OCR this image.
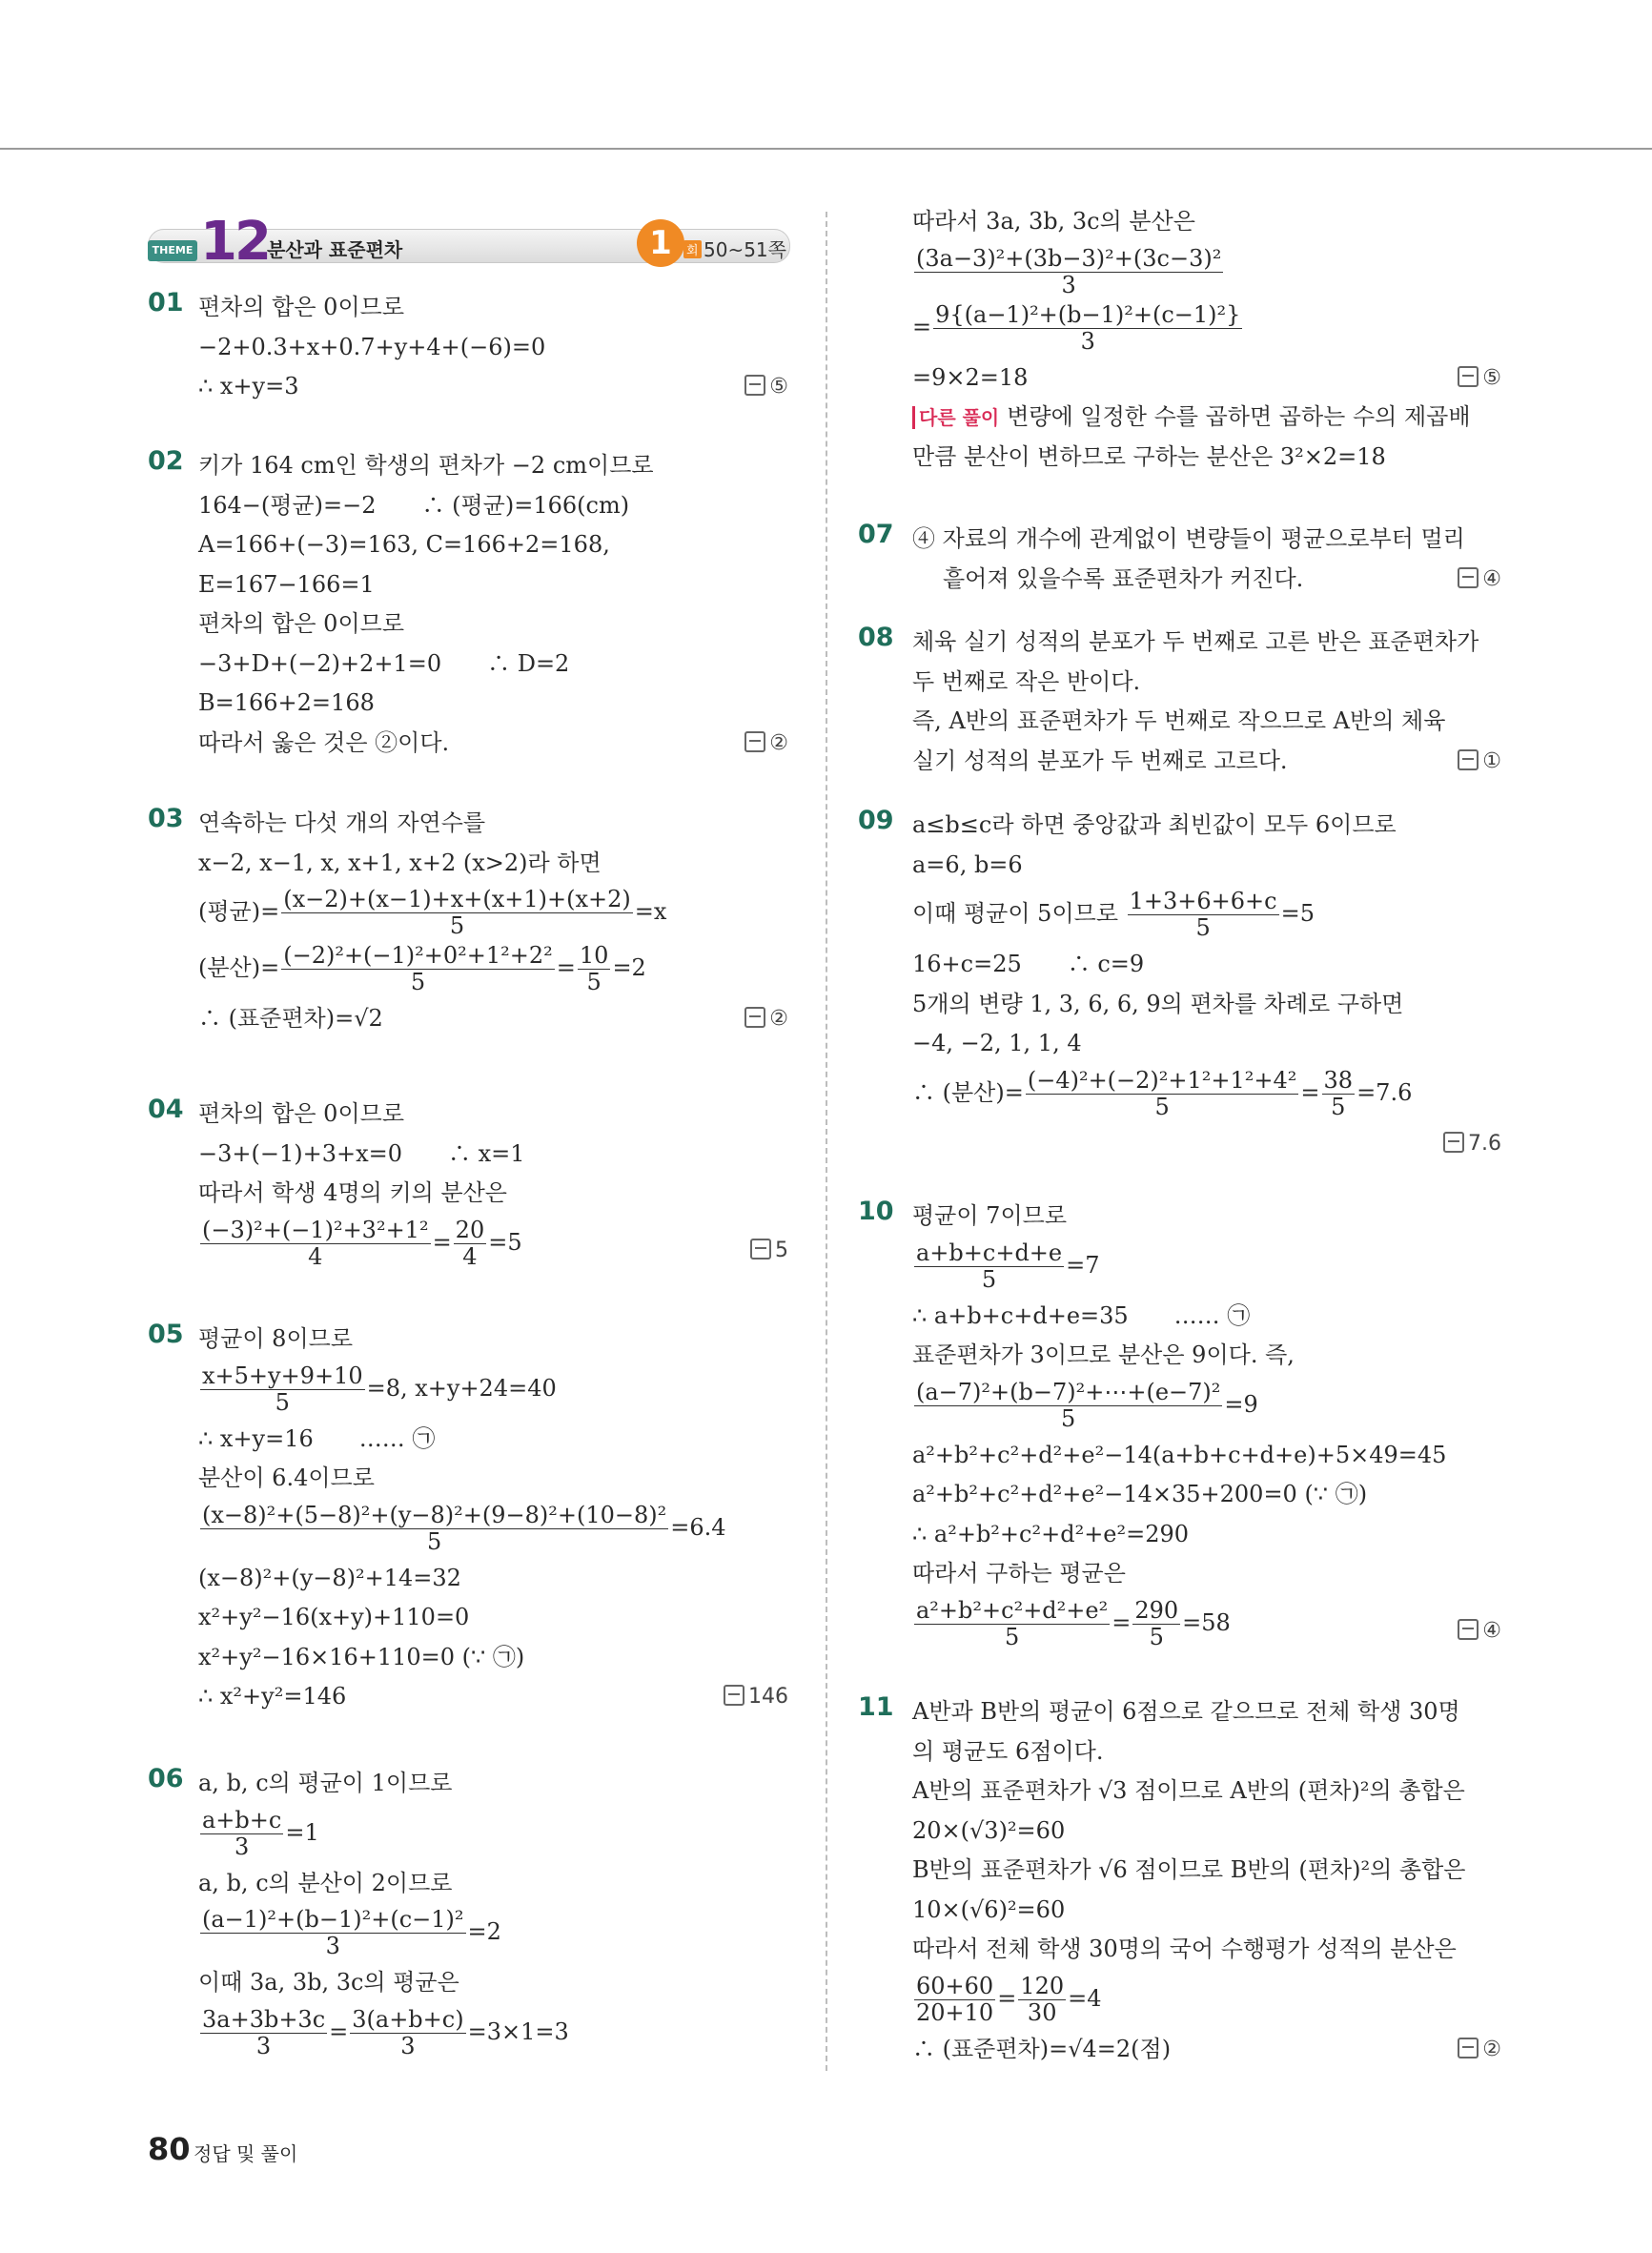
THEME 12
분산과 표준편차	1	회 50~51쪽
01 편차의 합은 0이므로
−2+0.3+x+0.7+y+4+(−6)=0
∴ x+y=3	⑤
02 키가 164 cm인 학생의 편차가 −2 cm이므로
164−(평균)=−2　　∴ (평균)=166(cm)
A=166+(−3)=163, C=166+2=168,
E=167−166=1
편차의 합은 0이므로
−3+D+(−2)+2+1=0　　∴ D=2
B=166+2=168
따라서 옳은 것은 ②이다.	②
03 연속하는 다섯 개의 자연수를
x−2, x−1, x, x+1, x+2 (x>2)라 하면
(평균)= $\frac{(x-2)+(x-1)+x+(x+1)+(x+2)}{5} =x$
(분산)= $\frac{\text{(−2)²+(−1)²+0²+1²+2²}}{5} = \frac{10}{5} =2$
∴ (표준편차)=√2	②
04 편차의 합은 0이므로
−3+(−1)+3+x=0　　∴ x=1
따라서 학생 4명의 키의 분산은
$\frac{\text{(−3)²+(−1)²+3²+1²}}{4} = \frac{20}{4} =5$	5
05 평균이 8이므로
$\frac{x+5+y+9+10}{5} =8$, x+y+24=40
∴ x+y=16　　…… ㉠
분산이 6.4이므로
$\frac{\text{(x−8)²+(5−8)²+(y−8)²+(9−8)²+(10−8)²}}{5} =6.4$
(x−8)²+(y−8)²+14=32
x²+y²−16(x+y)+110=0
x²+y²−16×16+110=0 (∵ ㉠)
∴ x²+y²=146	146
06 a, b, c의 평균이 1이므로
$\frac{a+b+c}{3} =1$
a, b, c의 분산이 2이므로
$\frac{\text{(a−1)²+(b−1)²+(c−1)²}}{3} =2$
이때 3a, 3b, 3c의 평균은
$\frac{3a+3b+3c}{3} = \frac{3(a+b+c)}{3} =3\times 1=3$
따라서 3a, 3b, 3c의 분산은
$\frac{\text{(3a−3)²+(3b−3)²+(3c−3)²}}{3}$
= $\frac{\text{9\{(a−1)²+(b−1)²+(c−1)²\}}}{3}$
=9×2=18	⑤
다른 풀이 변량에 일정한 수를 곱하면 곱하는 수의 제곱배
만큼 분산이 변하므로 구하는 분산은 3²×2=18
07 ④ 자료의 개수에 관계없이 변량들이 평균으로부터 멀리
흩어져 있을수록 표준편차가 커진다.	④
08 체육 실기 성적의 분포가 두 번째로 고른 반은 표준편차가
두 번째로 작은 반이다.
즉, A반의 표준편차가 두 번째로 작으므로 A반의 체육
실기 성적의 분포가 두 번째로 고르다.	①
09 a≤b≤c라 하면 중앙값과 최빈값이 모두 6이므로
a=6, b=6
이때 평균이 5이므로 $\frac{1+3+6+6+c}{5} =5$
16+c=25　　∴ c=9
5개의 변량 1, 3, 6, 6, 9의 편차를 차례로 구하면
−4, −2, 1, 1, 4
∴ (분산)= $\frac{\text{(−4)²+(−2)²+1²+1²+4²}}{5} = \frac{38}{5} =7.6$
7.6
10 평균이 7이므로
$\frac{a+b+c+d+e}{5} =7$
∴ a+b+c+d+e=35　　…… ㉠
표준편차가 3이므로 분산은 9이다. 즉,
$\frac{\text{(a−7)²+(b−7)²+⋯+(e−7)²}}{5} =9$
a²+b²+c²+d²+e²−14(a+b+c+d+e)+5×49=45
a²+b²+c²+d²+e²−14×35+200=0 (∵ ㉠)
∴ a²+b²+c²+d²+e²=290
따라서 구하는 평균은
$\frac{\text{a²+b²+c²+d²+e²}}{5} = \frac{290}{5} =58$	④
11 A반과 B반의 평균이 6점으로 같으므로 전체 학생 30명
의 평균도 6점이다.
A반의 표준편차가 √3 점이므로 A반의 (편차)²의 총합은
20×(√3)²=60
B반의 표준편차가 √6 점이므로 B반의 (편차)²의 총합은
10×(√6)²=60
따라서 전체 학생 30명의 국어 수행평가 성적의 분산은
$\frac{60+60}{20+10} = \frac{120}{30} =4$
∴ (표준편차)=√4=2(점)	②
80 정답 및 풀이
